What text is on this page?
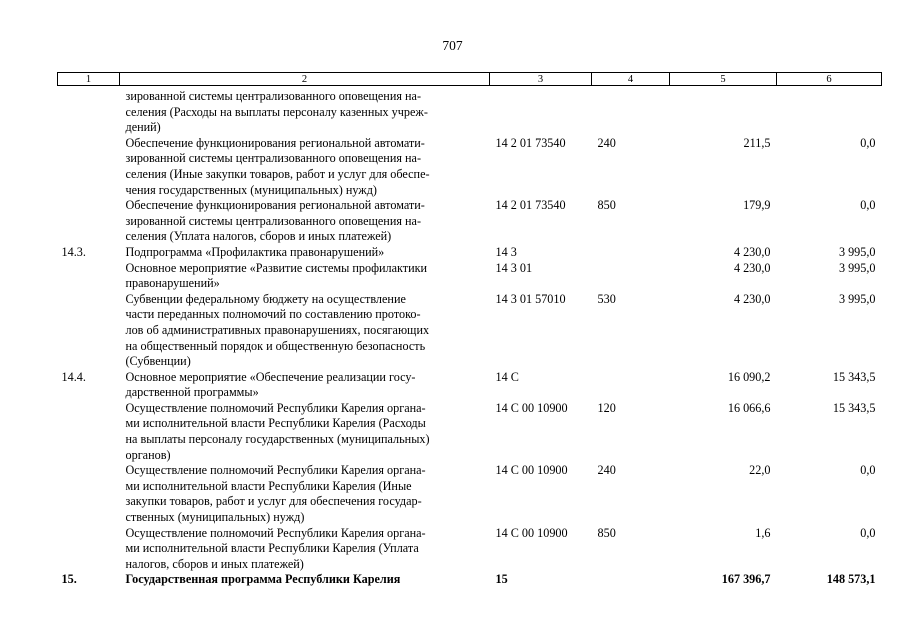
707
1	2	3	4	5	6
	зированной системы централизованного оповещения на-
селения (Расходы на выплаты персоналу казенных учреж-
дений)				
	Обеспечение функционирования региональной автомати-
зированной системы централизованного оповещения на-
селения (Иные закупки товаров, работ и услуг для обеспе-
чения государственных (муниципальных) нужд)	14 2 01 73540	240	211,5	0,0
	Обеспечение функционирования региональной автомати-
зированной системы централизованного оповещения на-
селения (Уплата налогов, сборов и иных платежей)	14 2 01 73540	850	179,9	0,0
14.3.	Подпрограмма «Профилактика правонарушений»	14 3		4 230,0	3 995,0
	Основное мероприятие «Развитие системы профилактики
правонарушений»	14 3 01		4 230,0	3 995,0
	Субвенции федеральному бюджету на осуществление
части переданных полномочий по составлению протоко-
лов об административных правонарушениях, посягающих
на общественный порядок и общественную безопасность
(Субвенции)	14 3 01 57010	530	4 230,0	3 995,0
14.4.	Основное мероприятие «Обеспечение реализации госу-
дарственной программы»	14 С		16 090,2	15 343,5
	Осуществление полномочий Республики Карелия органа-
ми исполнительной власти Республики Карелия (Расходы
на выплаты персоналу государственных (муниципальных)
органов)	14 С 00 10900	120	16 066,6	15 343,5
	Осуществление полномочий Республики Карелия органа-
ми исполнительной власти Республики Карелия (Иные
закупки товаров, работ и услуг для обеспечения государ-
ственных (муниципальных) нужд)	14 С 00 10900	240	22,0	0,0
	Осуществление полномочий Республики Карелия органа-
ми исполнительной власти Республики Карелия (Уплата
налогов, сборов и иных платежей)	14 С 00 10900	850	1,6	0,0
15.	Государственная программа Республики Карелия	15		167 396,7	148 573,1
